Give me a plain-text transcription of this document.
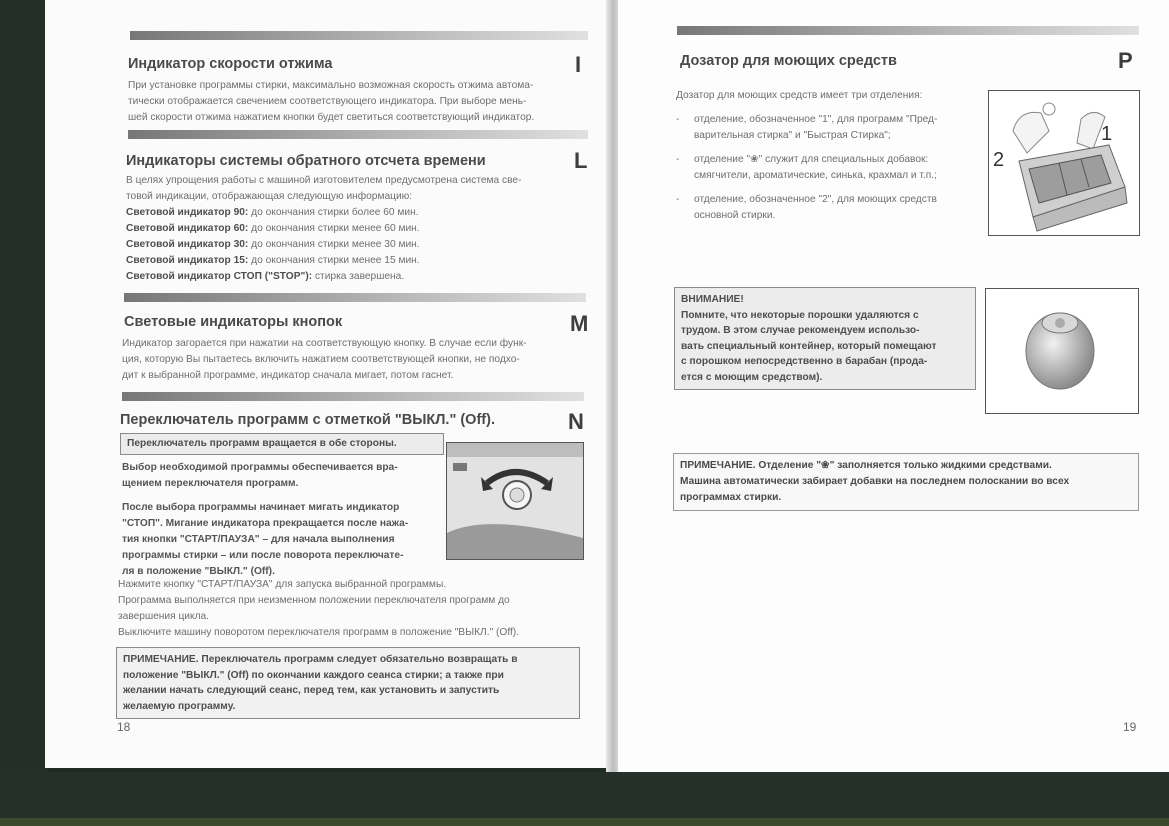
Индикатор скорости отжима	I
При установке программы стирки, максимально возможная скорость отжима автома-
тически отображается свечением соответствующего индикатора. При выборе мень-
шей скорости отжима нажатием кнопки будет светиться соответствующий индикатор.
Индикаторы системы обратного отсчета времени	L
В целях упрощения работы с машиной изготовителем предусмотрена система све-
товой индикации, отображающая следующую информацию:
Световой индикатор 90: до окончания стирки более 60 мин.
Световой индикатор 60: до окончания стирки менее 60 мин.
Световой индикатор 30: до окончания стирки менее 30 мин.
Световой индикатор 15: до окончания стирки менее 15 мин.
Световой индикатор СТОП ("STOP"): стирка завершена.
Световые индикаторы кнопок	M
Индикатор загорается при нажатии на соответствующую кнопку. В случае если функ-
ция, которую Вы пытаетесь включить нажатием соответствующей кнопки, не подхо-
дит к выбранной программе, индикатор сначала мигает, потом гаснет.
Переключатель программ с отметкой "ВЫКЛ." (Off).	N
Переключатель программ вращается в обе стороны.
Выбор необходимой программы обеспечивается вра-
щением переключателя программ.
После выбора программы начинает мигать индикатор
"СТОП". Мигание индикатора прекращается после нажа-
тия кнопки "СТАРТ/ПАУЗА" – для начала выполнения
программы стирки – или после поворота переключате-
ля в положение "ВЫКЛ." (Off).
Нажмите кнопку "СТАРТ/ПАУЗА" для запуска выбранной программы.
Программа выполняется при неизменном положении переключателя программ до
завершения цикла.
Выключите машину поворотом переключателя программ в положение "ВЫКЛ." (Off).
ПРИМЕЧАНИЕ. Переключатель программ следует обязательно возвращать в
положение "ВЫКЛ." (Off) по окончании каждого сеанса стирки; а также при
желании начать следующий сеанс, перед тем, как установить и запустить
желаемую программу.
18
Дозатор для моющих средств	P
Дозатор для моющих средств имеет три отделения:
- отделение, обозначенное "1", для программ "Пред-
варительная стирка" и "Быстрая Стирка";
- отделение "❀" служит для специальных добавок:
смягчители, ароматические, синька, крахмал и т.п.;
- отделение, обозначенное "2", для моющих средств
основной стирки.
1
2
ВНИМАНИЕ!
Помните, что некоторые порошки удаляются с
трудом. В этом случае рекомендуем использо-
вать специальный контейнер, который помещают
с порошком непосредственно в барабан (прода-
ется с моющим средством).
ПРИМЕЧАНИЕ. Отделение "❀" заполняется только жидкими средствами.
Машина автоматически забирает добавки на последнем полоскании во всех
программах стирки.
19
